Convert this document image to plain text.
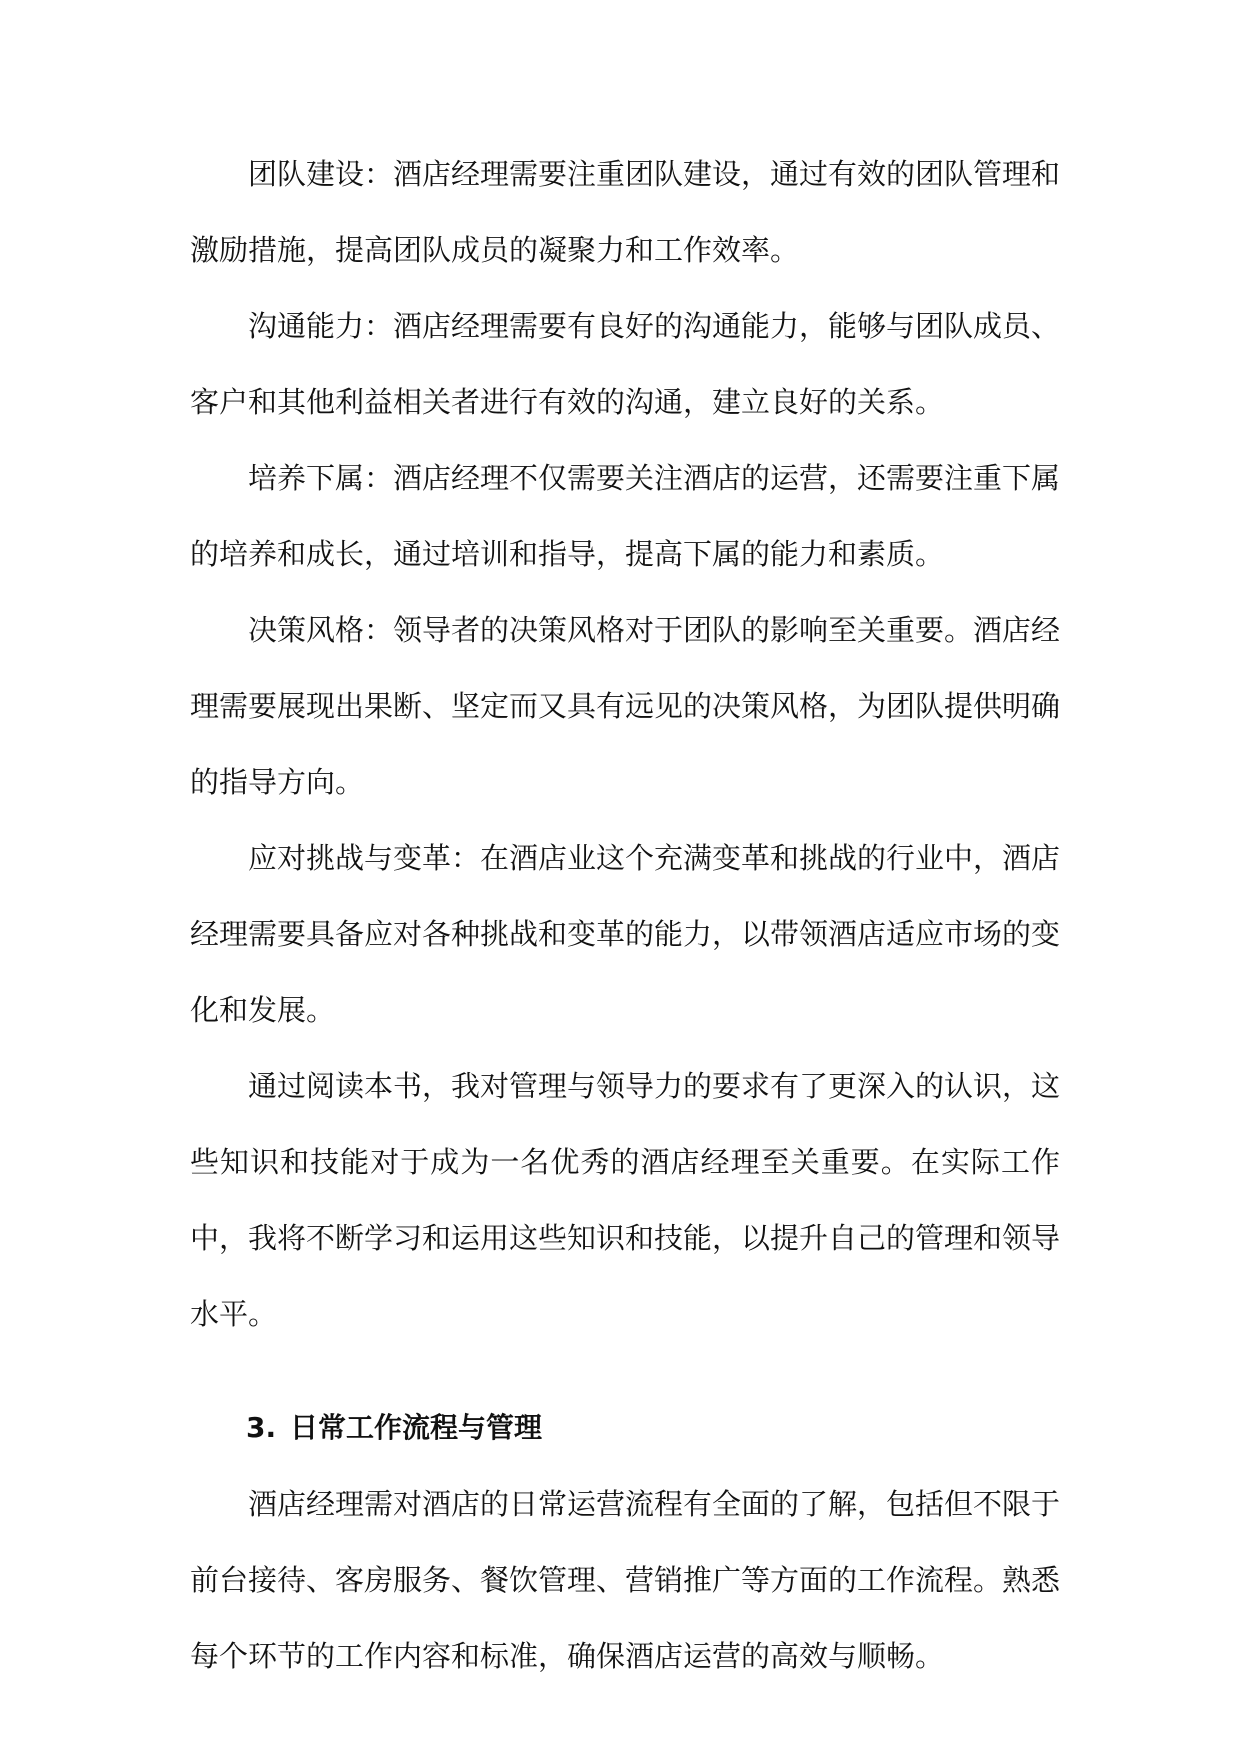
团队建设：酒店经理需要注重团队建设，通过有效的团队管理和激励措施，提高团队成员的凝聚力和工作效率。

沟通能力：酒店经理需要有良好的沟通能力，能够与团队成员、客户和其他利益相关者进行有效的沟通，建立良好的关系。

培养下属：酒店经理不仅需要关注酒店的运营，还需要注重下属的培养和成长，通过培训和指导，提高下属的能力和素质。

决策风格：领导者的决策风格对于团队的影响至关重要。酒店经理需要展现出果断、坚定而又具有远见的决策风格，为团队提供明确的指导方向。

应对挑战与变革：在酒店业这个充满变革和挑战的行业中，酒店经理需要具备应对各种挑战和变革的能力，以带领酒店适应市场的变化和发展。

通过阅读本书，我对管理与领导力的要求有了更深入的认识，这些知识和技能对于成为一名优秀的酒店经理至关重要。在实际工作中，我将不断学习和运用这些知识和技能，以提升自己的管理和领导水平。

3. 日常工作流程与管理

酒店经理需对酒店的日常运营流程有全面的了解，包括但不限于前台接待、客房服务、餐饮管理、营销推广等方面的工作流程。熟悉每个环节的工作内容和标准，确保酒店运营的高效与顺畅。
